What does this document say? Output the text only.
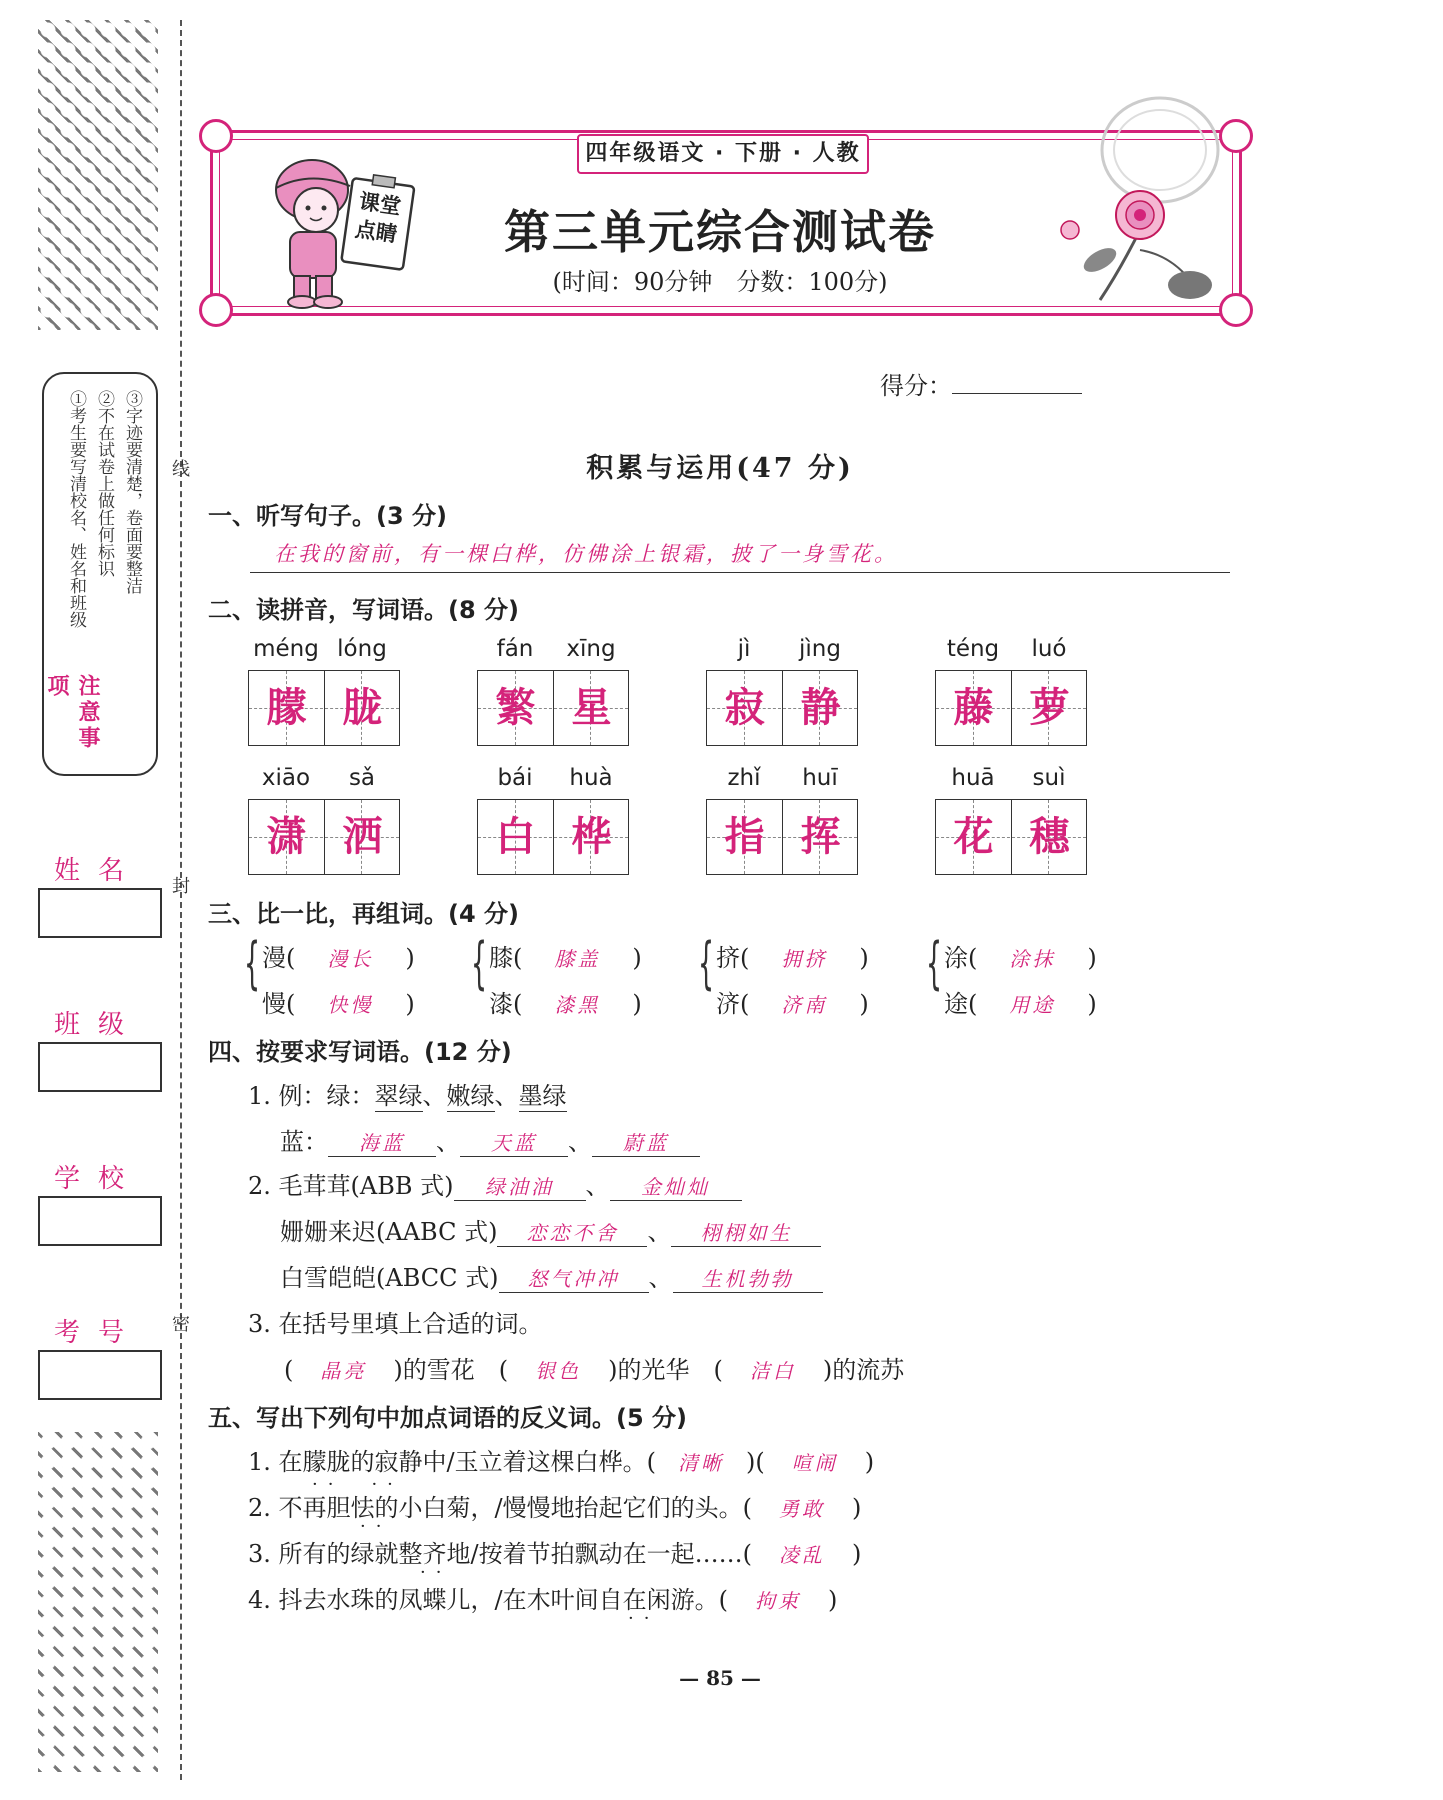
注意事项
①考生要写清校名、姓名和班级 ②不在试卷上做任何标识 ③字迹要清楚，卷面要整洁
姓名
班级
学校
考号
线
封
密
课堂点睛
四年级语文 · 下册 · 人教
第三单元综合测试卷
(时间：90分钟　分数：100分)
得分：
积累与运用(47 分)
一、听写句子。(3 分)
在我的窗前，有一棵白桦，仿佛涂上银霜，披了一身雪花。
二、读拼音，写词语。(8 分)
méng lóng
朦 胧
fán	xīng
繁 星
jì	jìng
寂 静
téng	luó
藤 萝
xiāo	sǎ
潇 洒
bái	huà
白 桦
zhǐ	huī
指 挥
huā	suì
花 穗
三、比一比，再组词。(4 分)
{ 漫( 漫长 )
慢( 快慢 )
{ 膝( 膝盖 )
漆( 漆黑 )
{ 挤( 拥挤 )
济( 济南 )
{ 涂( 涂抹 )
途( 用途 )
四、按要求写词语。(12 分)
1. 例：绿：翠绿、嫩绿、墨绿
蓝： 海蓝 、 天蓝 、 蔚蓝
2. 毛茸茸(ABB 式) 绿油油 、 金灿灿
姗姗来迟(AABC 式) 恋恋不舍 、 栩栩如生
白雪皑皑(ABCC 式) 怒气冲冲 、 生机勃勃
3. 在括号里填上合适的词。
( 晶亮 )的雪花　( 银色 )的光华　( 洁白 )的流苏
五、写出下列句中加点词语的反义词。(5 分)
1. 在朦胧的寂静中/玉立着这棵白桦。( 清晰 )( 喧闹 )
2. 不再胆怯的小白菊，/慢慢地抬起它们的头。( 勇敢 )
3. 所有的绿就整齐地/按着节拍飘动在一起……( 凌乱 )
4. 抖去水珠的凤蝶儿，/在木叶间自在闲游。( 拘束 )
··　··
··
··
··
— 85 —
